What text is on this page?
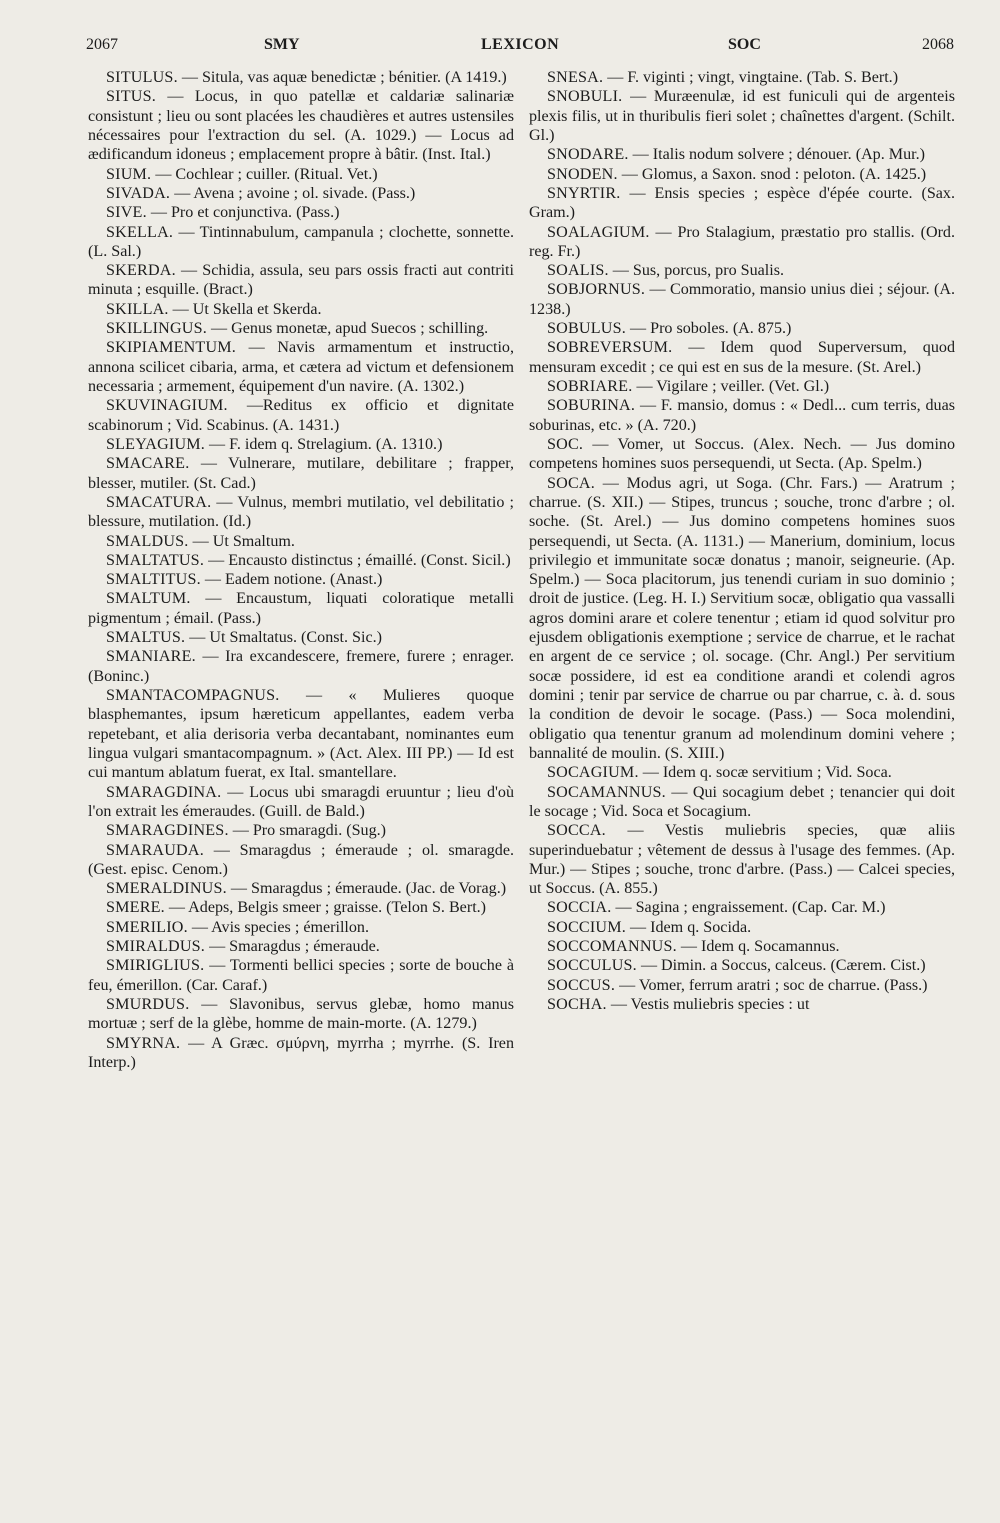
2067	SMY	LEXICON	SOC	2068

SITULUS. — Situla, vas aquæ benedictæ ; bénitier. (A 1419.)

SITUS. — Locus, in quo patellæ et caldariæ salinariæ consistunt ; lieu ou sont placées les chaudières et autres ustensiles nécessaires pour l'extraction du sel. (A. 1029.) — Locus ad ædificandum idoneus ; emplacement propre à bâtir. (Inst. Ital.)

SIUM. — Cochlear ; cuiller. (Ritual. Vet.)

SIVADA. — Avena ; avoine ; ol. sivade. (Pass.)

SIVE. — Pro et conjunctiva. (Pass.)

SKELLA. — Tintinnabulum, campanula ; clochette, sonnette. (L. Sal.)

SKERDA. — Schidia, assula, seu pars ossis fracti aut contriti minuta ; esquille. (Bract.)

SKILLA. — Ut Skella et Skerda.

SKILLINGUS. — Genus monetæ, apud Suecos ; schilling.

SKIPIAMENTUM. — Navis armamentum et instructio, annona scilicet cibaria, arma, et cætera ad victum et defensionem necessaria ; armement, équipement d'un navire. (A. 1302.)

SKUVINAGIUM. —Reditus ex officio et dignitate scabinorum ; Vid. Scabinus. (A. 1431.)

SLEYAGIUM. — F. idem q. Strelagium. (A. 1310.)

SMACARE. — Vulnerare, mutilare, debilitare ; frapper, blesser, mutiler. (St. Cad.)

SMACATURA. — Vulnus, membri mutilatio, vel debilitatio ; blessure, mutilation. (Id.)

SMALDUS. — Ut Smaltum.

SMALTATUS. — Encausto distinctus ; émaillé. (Const. Sicil.)

SMALTITUS. — Eadem notione. (Anast.)

SMALTUM. — Encaustum, liquati coloratique metalli pigmentum ; émail. (Pass.)

SMALTUS. — Ut Smaltatus. (Const. Sic.)

SMANIARE. — Ira excandescere, fremere, furere ; enrager. (Boninc.)

SMANTACOMPAGNUS. — « Mulieres quoque blasphemantes, ipsum hæreticum appellantes, eadem verba repetebant, et alia derisoria verba decantabant, nominantes eum lingua vulgari smantacompagnum. » (Act. Alex. III PP.) — Id est cui mantum ablatum fuerat, ex Ital. smantellare.

SMARAGDINA. — Locus ubi smaragdi eruuntur ; lieu d'où l'on extrait les émeraudes. (Guill. de Bald.)

SMARAGDINES. — Pro smaragdi. (Sug.)

SMARAUDA. — Smaragdus ; émeraude ; ol. smaragde. (Gest. episc. Cenom.)

SMERALDINUS. — Smaragdus ; émeraude. (Jac. de Vorag.)

SMERE. — Adeps, Belgis smeer ; graisse. (Telon S. Bert.)

SMERILIO. — Avis species ; émerillon.

SMIRALDUS. — Smaragdus ; émeraude.

SMIRIGLIUS. — Tormenti bellici species ; sorte de bouche à feu, émerillon. (Car. Caraf.)

SMURDUS. — Slavonibus, servus glebæ, homo manus mortuæ ; serf de la glèbe, homme de main-morte. (A. 1279.)

SMYRNA. — A Græc. σμύρνη, myrrha ; myrrhe. (S. Iren Interp.)

SNESA. — F. viginti ; vingt, vingtaine. (Tab. S. Bert.)

SNOBULI. — Muræenulæ, id est funiculi qui de argenteis plexis filis, ut in thuribulis fieri solet ; chaînettes d'argent. (Schilt. Gl.)

SNODARE. — Italis nodum solvere ; dénouer. (Ap. Mur.)

SNODEN. — Glomus, a Saxon. snod : peloton. (A. 1425.)

SNYRTIR. — Ensis species ; espèce d'épée courte. (Sax. Gram.)

SOALAGIUM. — Pro Stalagium, præstatio pro stallis. (Ord. reg. Fr.)

SOALIS. — Sus, porcus, pro Sualis.

SOBJORNUS. — Commoratio, mansio unius diei ; séjour. (A. 1238.)

SOBULUS. — Pro soboles. (A. 875.)

SOBREVERSUM. — Idem quod Superversum, quod mensuram excedit ; ce qui est en sus de la mesure. (St. Arel.)

SOBRIARE. — Vigilare ; veiller. (Vet. Gl.)

SOBURINA. — F. mansio, domus : « Dedl... cum terris, duas soburinas, etc. » (A. 720.)

SOC. — Vomer, ut Soccus. (Alex. Nech. — Jus domino competens homines suos persequendi, ut Secta. (Ap. Spelm.)

SOCA. — Modus agri, ut Soga. (Chr. Fars.) — Aratrum ; charrue. (S. XII.) — Stipes, truncus ; souche, tronc d'arbre ; ol. soche. (St. Arel.) — Jus domino competens homines suos persequendi, ut Secta. (A. 1131.) — Manerium, dominium, locus privilegio et immunitate socæ donatus ; manoir, seigneurie. (Ap. Spelm.) — Soca placitorum, jus tenendi curiam in suo dominio ; droit de justice. (Leg. H. I.) Servitium socæ, obligatio qua vassalli agros domini arare et colere tenentur ; etiam id quod solvitur pro ejusdem obligationis exemptione ; service de charrue, et le rachat en argent de ce service ; ol. socage. (Chr. Angl.) Per servitium socæ possidere, id est ea conditione arandi et colendi agros domini ; tenir par service de charrue ou par charrue, c. à. d. sous la condition de devoir le socage. (Pass.) — Soca molendini, obligatio qua tenentur granum ad molendinum domini vehere ; bannalité de moulin. (S. XIII.)

SOCAGIUM. — Idem q. socæ servitium ; Vid. Soca.

SOCAMANNUS. — Qui socagium debet ; tenancier qui doit le socage ; Vid. Soca et Socagium.

SOCCA. — Vestis muliebris species, quæ aliis superinduebatur ; vêtement de dessus à l'usage des femmes. (Ap. Mur.) — Stipes ; souche, tronc d'arbre. (Pass.) — Calcei species, ut Soccus. (A. 855.)

SOCCIA. — Sagina ; engraissement. (Cap. Car. M.)

SOCCIUM. — Idem q. Socida.

SOCCOMANNUS. — Idem q. Socamannus.

SOCCULUS. — Dimin. a Soccus, calceus. (Cærem. Cist.)

SOCCUS. — Vomer, ferrum aratri ; soc de charrue. (Pass.)

SOCHA. — Vestis muliebris species : ut
